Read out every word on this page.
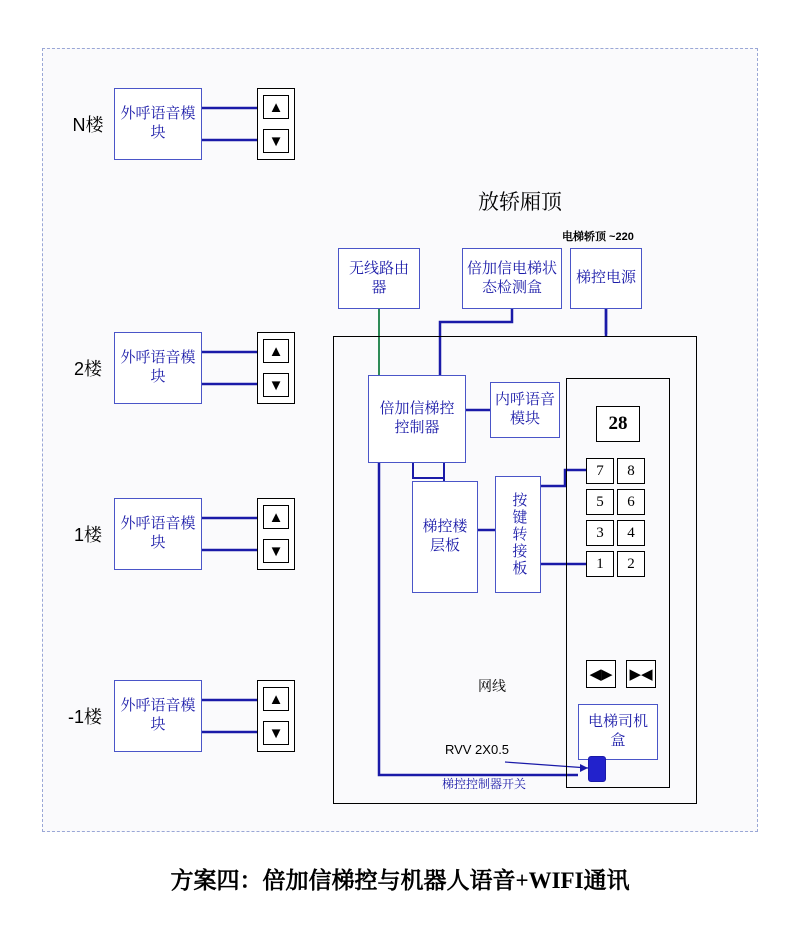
N楼
外呼语音模块
▲
▼
2楼
外呼语音模块
▲
▼
1楼
外呼语音模块
▲
▼
-1楼
外呼语音模块
▲
▼
放轿厢顶
电梯轿顶 ~220
无线路由器
倍加信电梯状态检测盒
梯控电源
倍加信梯控控制器
内呼语音模块
梯控楼层板	按键转接板
28
7	8
5	6
3	4
1	2
◀▶ ▶◀
电梯司机盒
网线
RVV 2X0.5
梯控控制器开关
方案四：倍加信梯控与机器人语音+WIFI通讯
